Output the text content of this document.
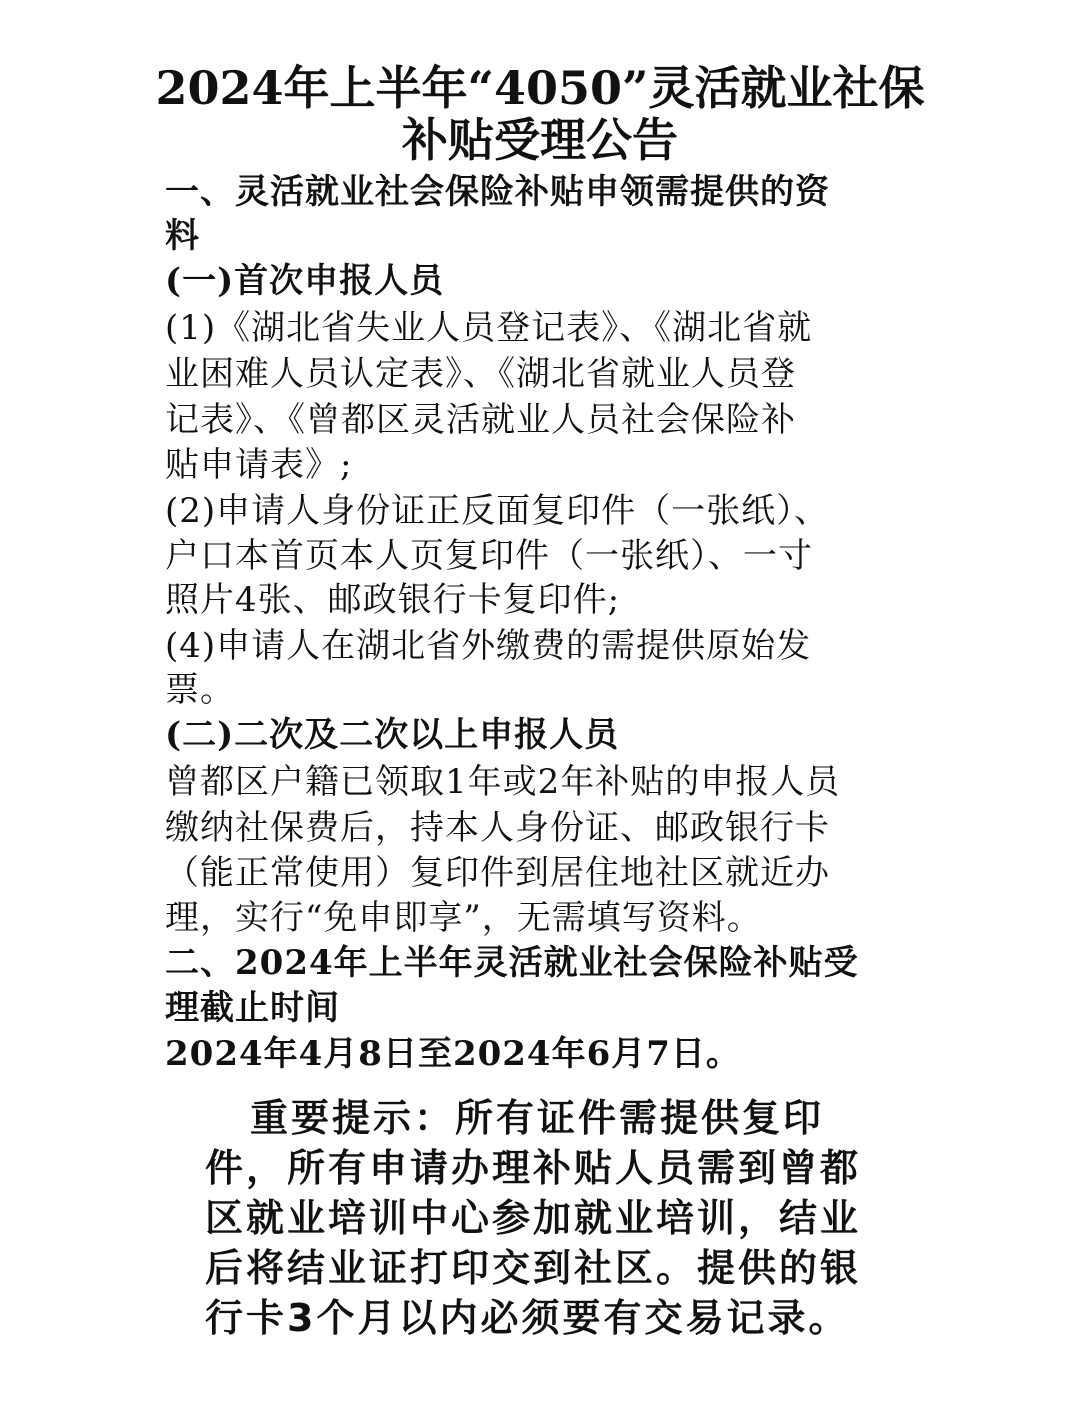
2024年上半年“4050”灵活就业社保
补贴受理公告
一、灵活就业社会保险补贴申领需提供的资
料
(一)首次申报人员
(1)《湖北省失业人员登记表》、《湖北省就
业困难人员认定表》、《湖北省就业人员登
记表》、《曾都区灵活就业人员社会保险补
贴申请表》;
(2)申请人身份证正反面复印件（一张纸）、
户口本首页本人页复印件（一张纸）、一寸
照片4张、邮政银行卡复印件;
(4)申请人在湖北省外缴费的需提供原始发
票。
(二)二次及二次以上申报人员
曾都区户籍已领取1年或2年补贴的申报人员
缴纳社保费后，持本人身份证、邮政银行卡
（能正常使用）复印件到居住地社区就近办
理，实行“免申即享”，无需填写资料。
二、2024年上半年灵活就业社会保险补贴受
理截止时间
2024年4月8日至2024年6月7日。
重要提示：所有证件需提供复印
件，所有申请办理补贴人员需到曾都
区就业培训中心参加就业培训，结业
后将结业证打印交到社区。提供的银
行卡3个月以内必须要有交易记录。
